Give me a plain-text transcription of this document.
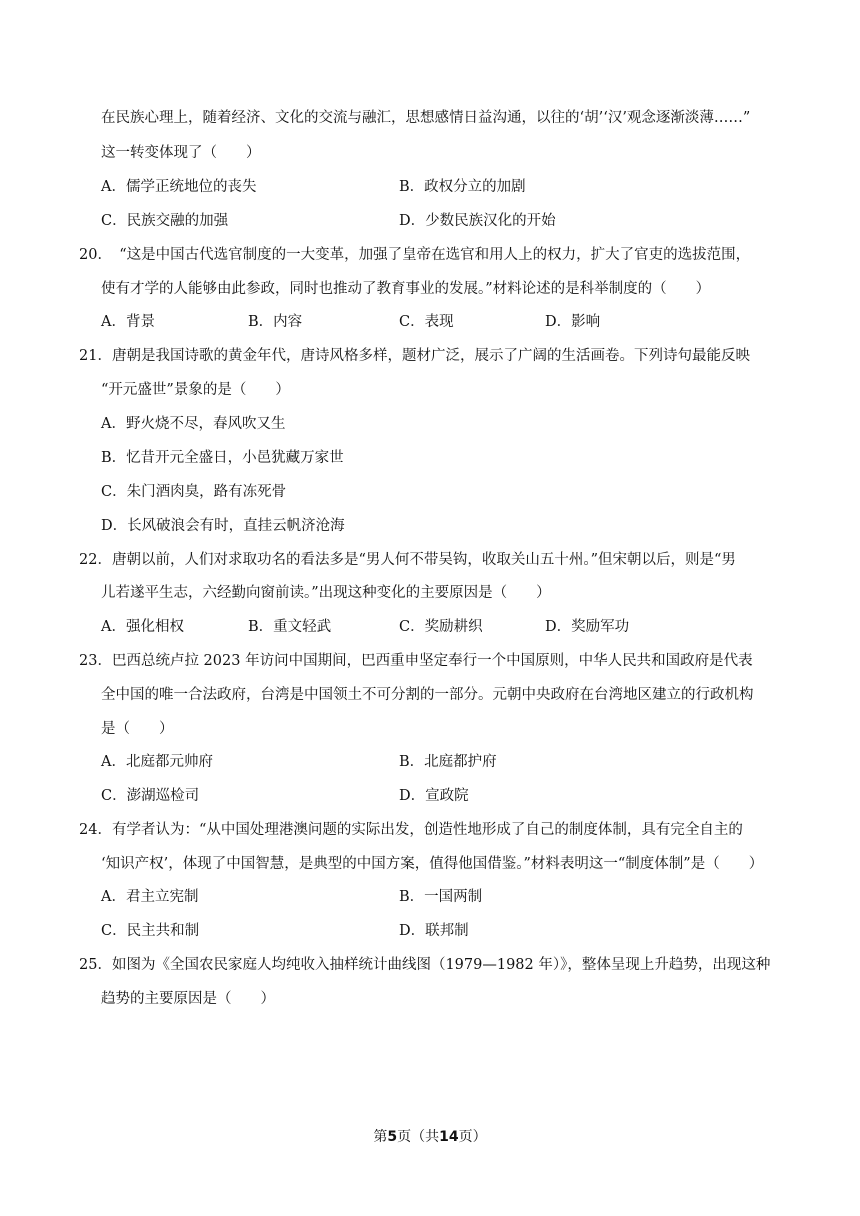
在民族心理上，随着经济、文化的交流与融汇，思想感情日益沟通，以往的‘胡’‘汉’观念逐渐淡薄……”
这一转变体现了（　　）
A．儒学正统地位的丧失	B．政权分立的加剧
C．民族交融的加强	D．少数民族汉化的开始
20．　“这是中国古代选官制度的一大变革，加强了皇帝在选官和用人上的权力，扩大了官吏的选拔范围，
使有才学的人能够由此参政，同时也推动了教育事业的发展。”材料论述的是科举制度的（　　）
A．背景	B．内容	C．表现	D．影响
21．唐朝是我国诗歌的黄金年代，唐诗风格多样，题材广泛，展示了广阔的生活画卷。下列诗句最能反映
“开元盛世”景象的是（　　）
A．野火烧不尽，春风吹又生
B．忆昔开元全盛日，小邑犹藏万家世
C．朱门酒肉臭，路有冻死骨
D．长风破浪会有时，直挂云帆济沧海
22．唐朝以前，人们对求取功名的看法多是“男人何不带吴钩，收取关山五十州。”但宋朝以后，则是“男
儿若遂平生志，六经勤向窗前读。”出现这种变化的主要原因是（　　）
A．强化相权	B．重文轻武	C．奖励耕织	D．奖励军功
23．巴西总统卢拉 2023 年访问中国期间，巴西重申坚定奉行一个中国原则，中华人民共和国政府是代表
全中国的唯一合法政府，台湾是中国领土不可分割的一部分。元朝中央政府在台湾地区建立的行政机构
是（　　）
A．北庭都元帅府	B．北庭都护府
C．澎湖巡检司	D．宣政院
24．有学者认为：“从中国处理港澳问题的实际出发，创造性地形成了自己的制度体制，具有完全自主的
‘知识产权’，体现了中国智慧，是典型的中国方案，值得他国借鉴。”材料表明这一“制度体制”是（　　）
A．君主立宪制	B．一国两制
C．民主共和制	D．联邦制
25．如图为《全国农民家庭人均纯收入抽样统计曲线图（1979—1982 年）》，整体呈现上升趋势，出现这种
趋势的主要原因是（　　）
第5页（共14页）
